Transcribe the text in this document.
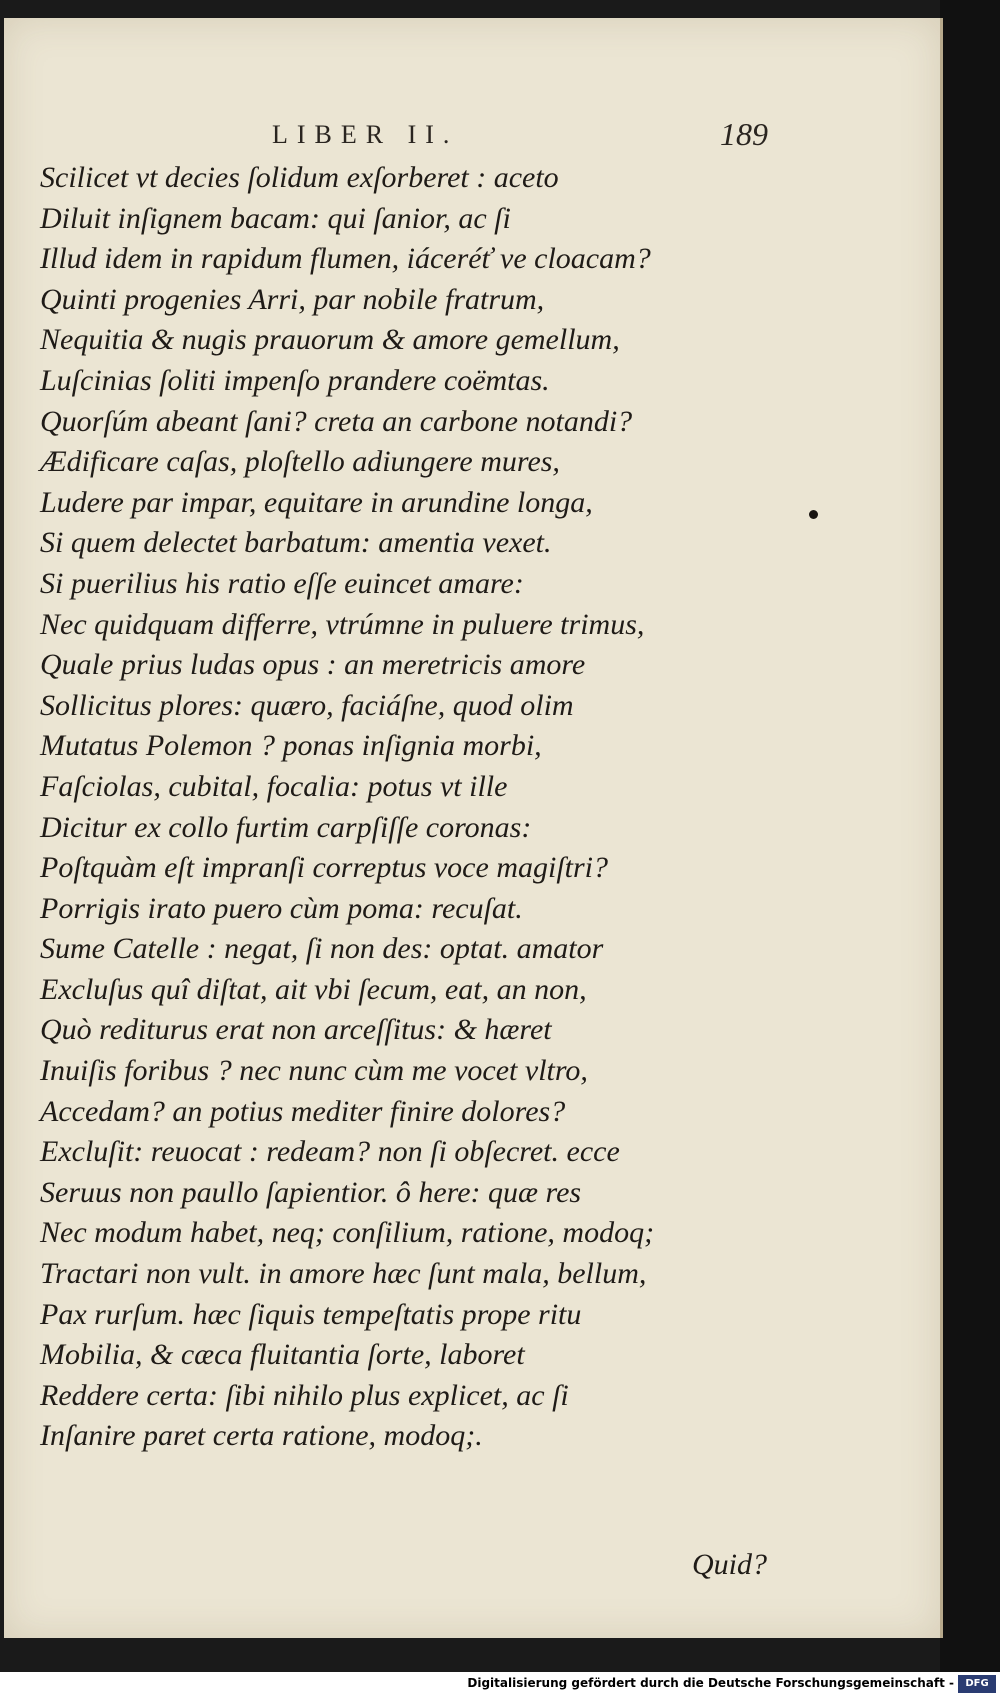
LIBER II.	189
Scilicet vt decies ſolidum exſorberet : aceto
Diluit inſignem bacam: qui ſanior, ac ſi
Illud idem in rapidum flumen, iáceréť ve cloacam?
Quinti progenies Arri, par nobile fratrum,
Nequitia & nugis prauorum & amore gemellum,
Luſcinias ſoliti impenſo prandere coëmtas.
Quorſúm abeant ſani? creta an carbone notandi?
Ædificare caſas, ploſtello adiungere mures,
Ludere par impar, equitare in arundine longa,
Si quem delectet barbatum: amentia vexet.
Si puerilius his ratio eſſe euincet amare:
Nec quidquam differre, vtrúmne in puluere trimus,
Quale prius ludas opus : an meretricis amore
Sollicitus plores: quæro, faciáſne, quod olim
Mutatus Polemon ? ponas inſignia morbi,
Faſciolas, cubital, focalia: potus vt ille
Dicitur ex collo furtim carpſiſſe coronas:
Poſtquàm eſt impranſi correptus voce magiſtri?
Porrigis irato puero cùm poma: recuſat.
Sume Catelle : negat, ſi non des: optat. amator
Excluſus quî diſtat, ait vbi ſecum, eat, an non,
Quò rediturus erat non arceſſitus: & hæret
Inuiſis foribus ? nec nunc cùm me vocet vltro,
Accedam? an potius mediter finire dolores?
Excluſit: reuocat : redeam? non ſi obſecret. ecce
Seruus non paullo ſapientior. ô here: quæ res
Nec modum habet, neq; conſilium, ratione, modoq;
Tractari non vult. in amore hæc ſunt mala, bellum,
Pax rurſum. hæc ſiquis tempeſtatis prope ritu
Mobilia, & cæca fluitantia ſorte, laboret
Reddere certa: ſibi nihilo plus explicet, ac ſi
Inſanire paret certa ratione, modoq;.
Quid?
Digitalisierung gefördert durch die Deutsche Forschungsgemeinschaft -	DFG
